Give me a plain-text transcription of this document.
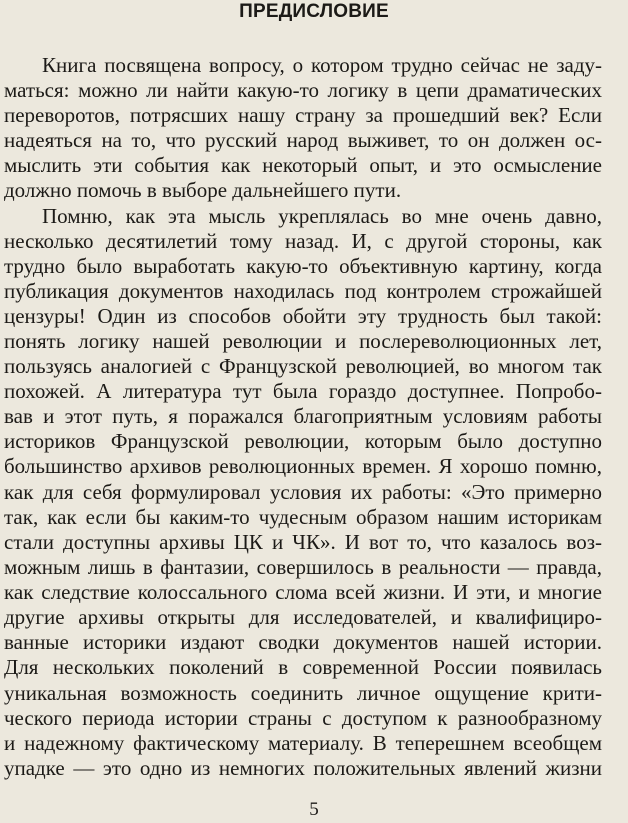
ПРЕДИСЛОВИЕ
Книга посвящена вопросу, о котором трудно сейчас не заду-
маться: можно ли найти какую-то логику в цепи драматических
переворотов, потрясших нашу страну за прошедший век? Если
надеяться на то, что русский народ выживет, то он должен ос-
мыслить эти события как некоторый опыт, и это осмысление
должно помочь в выборе дальнейшего пути.
Помню, как эта мысль укреплялась во мне очень давно,
несколько десятилетий тому назад. И, с другой стороны, как
трудно было выработать какую-то объективную картину, когда
публикация документов находилась под контролем строжайшей
цензуры! Один из способов обойти эту трудность был такой:
понять логику нашей революции и послереволюционных лет,
пользуясь аналогией с Французской революцией, во многом так
похожей. А литература тут была гораздо доступнее. Попробо-
вав и этот путь, я поражался благоприятным условиям работы
историков Французской революции, которым было доступно
большинство архивов революционных времен. Я хорошо помню,
как для себя формулировал условия их работы: «Это примерно
так, как если бы каким-то чудесным образом нашим историкам
стали доступны архивы ЦК и ЧК». И вот то, что казалось воз-
можным лишь в фантазии, совершилось в реальности — правда,
как следствие колоссального слома всей жизни. И эти, и многие
другие архивы открыты для исследователей, и квалифициро-
ванные историки издают сводки документов нашей истории.
Для нескольких поколений в современной России появилась
уникальная возможность соединить личное ощущение крити-
ческого периода истории страны с доступом к разнообразному
и надежному фактическому материалу. В теперешнем всеобщем
упадке — это одно из немногих положительных явлений жизни
5
